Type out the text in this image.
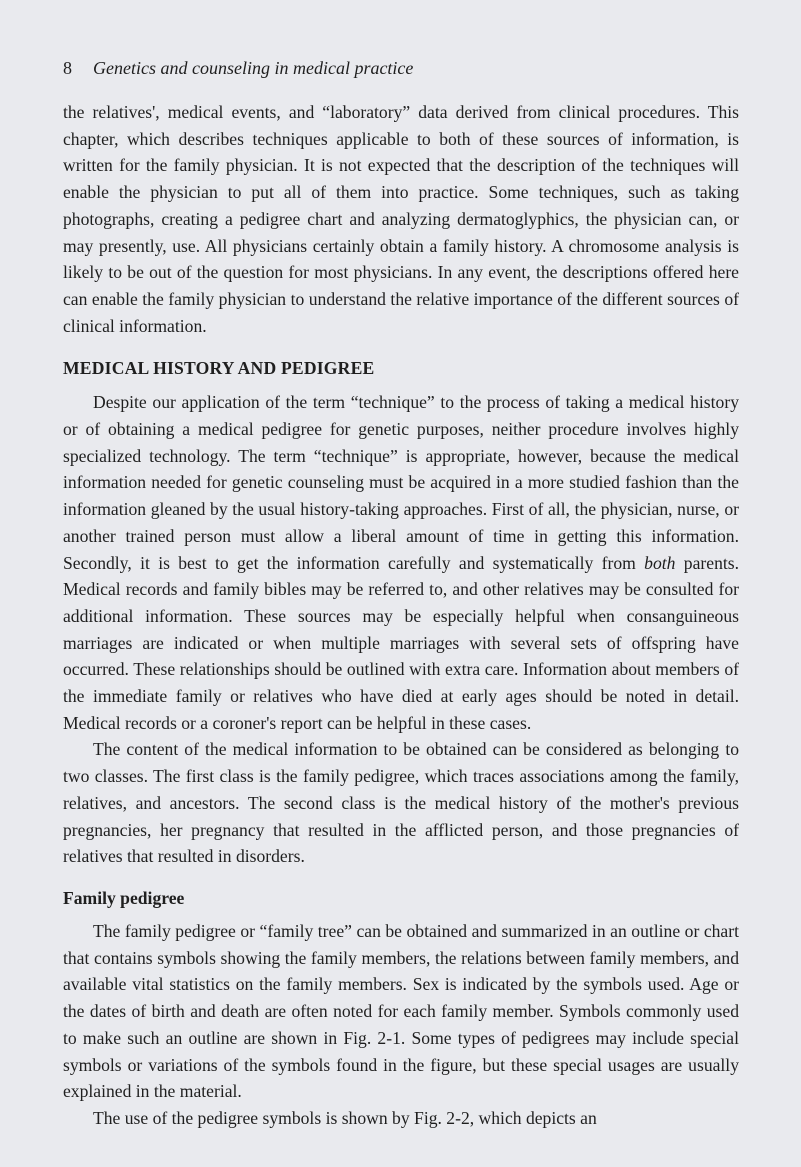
8 Genetics and counseling in medical practice

the relatives', medical events, and “laboratory” data derived from clinical procedures. This chapter, which describes techniques applicable to both of these sources of information, is written for the family physician. It is not expected that the description of the techniques will enable the physician to put all of them into practice. Some techniques, such as taking photographs, creating a pedigree chart and analyzing dermatoglyphics, the physician can, or may presently, use. All physicians certainly obtain a family history. A chromosome analysis is likely to be out of the question for most physicians. In any event, the descriptions offered here can enable the family physician to understand the relative importance of the different sources of clinical information.

MEDICAL HISTORY AND PEDIGREE

Despite our application of the term “technique” to the process of taking a medical history or of obtaining a medical pedigree for genetic purposes, neither procedure involves highly specialized technology. The term “technique” is appropriate, however, because the medical information needed for genetic counseling must be acquired in a more studied fashion than the information gleaned by the usual history-taking approaches. First of all, the physician, nurse, or another trained person must allow a liberal amount of time in getting this information. Secondly, it is best to get the information carefully and systematically from both parents. Medical records and family bibles may be referred to, and other relatives may be consulted for additional information. These sources may be especially helpful when consanguineous marriages are indicated or when multiple marriages with several sets of offspring have occurred. These relationships should be outlined with extra care. Information about members of the immediate family or relatives who have died at early ages should be noted in detail. Medical records or a coroner's report can be helpful in these cases.

The content of the medical information to be obtained can be considered as belonging to two classes. The first class is the family pedigree, which traces associations among the family, relatives, and ancestors. The second class is the medical history of the mother's previous pregnancies, her pregnancy that resulted in the afflicted person, and those pregnancies of relatives that resulted in disorders.

Family pedigree

The family pedigree or “family tree” can be obtained and summarized in an outline or chart that contains symbols showing the family members, the relations between family members, and available vital statistics on the family members. Sex is indicated by the symbols used. Age or the dates of birth and death are often noted for each family member. Symbols commonly used to make such an outline are shown in Fig. 2-1. Some types of pedigrees may include special symbols or variations of the symbols found in the figure, but these special usages are usually explained in the material.

The use of the pedigree symbols is shown by Fig. 2-2, which depicts an
